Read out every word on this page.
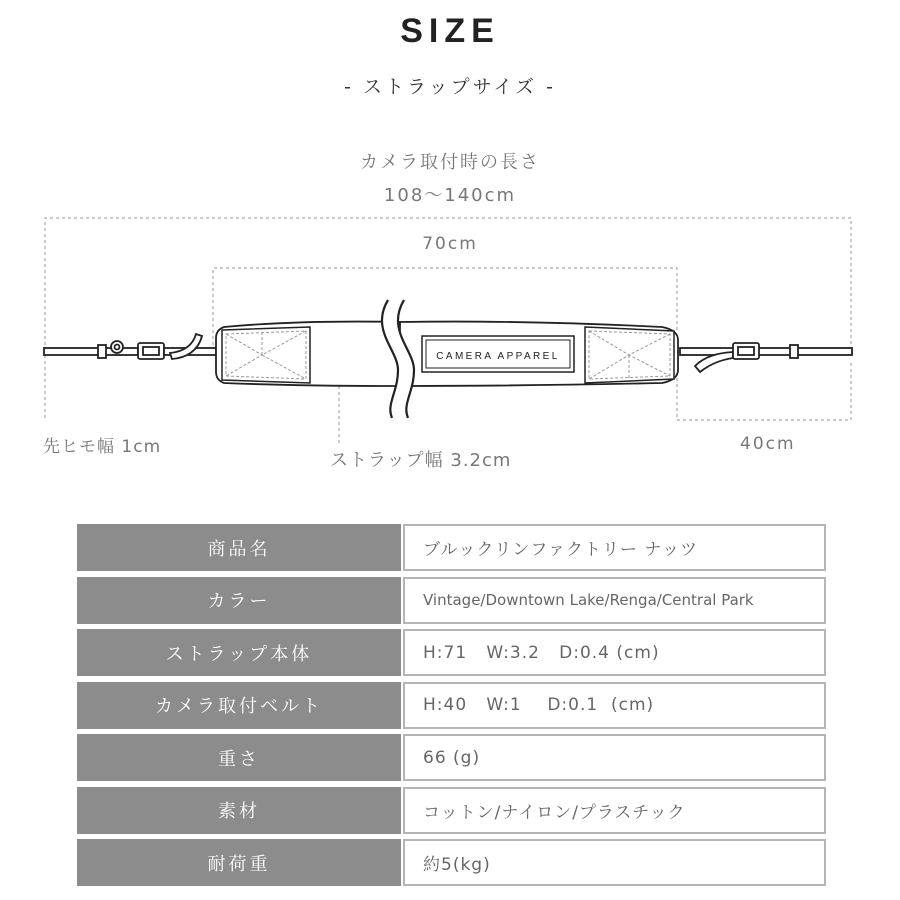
SIZE
- ストラップサイズ -
カメラ取付時の長さ
108～140cm
70cm
CAMERA APPAREL
先ヒモ幅 1cm
ストラップ幅 3.2cm
40cm
商品名	ブルックリンファクトリー ナッツ
カラー	Vintage/Downtown Lake/Renga/Central Park
ストラップ本体	H:71   W:3.2   D:0.4 (cm)
カメラ取付ベルト	H:40   W:1    D:0.1  (cm)
重さ	66 (g)
素材	コットン/ナイロン/プラスチック
耐荷重	約5(kg)
